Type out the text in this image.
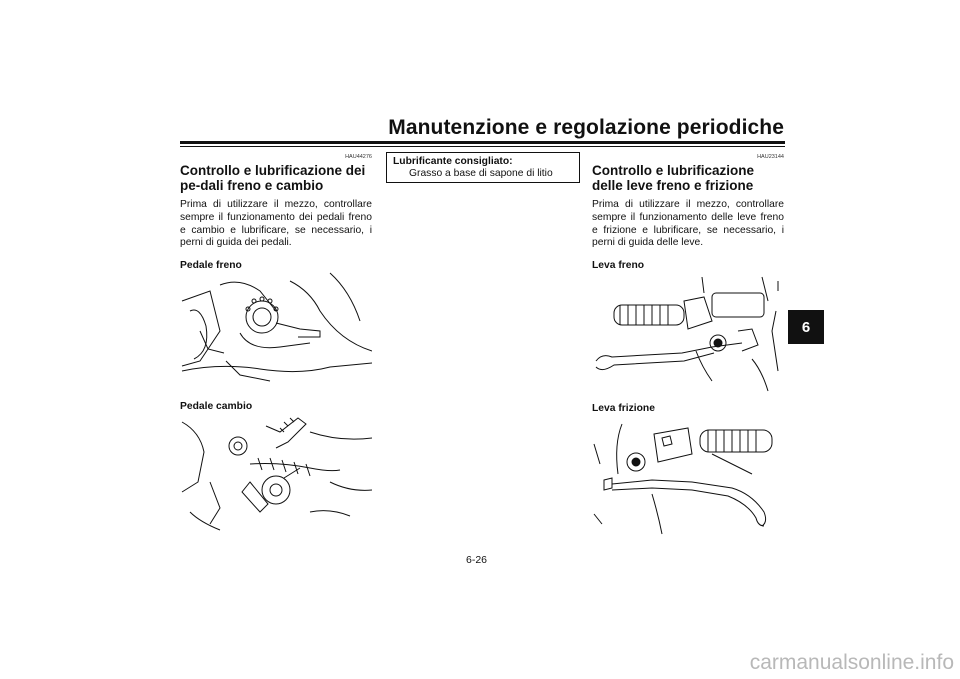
Manutenzione e regolazione periodiche
6
HAU44276
Controllo e lubrificazione dei pe-dali freno e cambio

Prima di utilizzare il mezzo, controllare sempre il funzionamento dei pedali freno e cambio e lubrificare, se necessario, i perni di guida dei pedali.

Pedale freno

Pedale cambio

Lubrificante consigliato:

Grasso a base di sapone di litio

HAU23144
Controllo e lubrificazione delle leve freno e frizione

Prima di utilizzare il mezzo, controllare sempre il funzionamento delle leve freno e frizione e lubrificare, se necessario, i perni di guida delle leve.

Leva freno

Leva frizione

6-26
carmanualsonline.info
